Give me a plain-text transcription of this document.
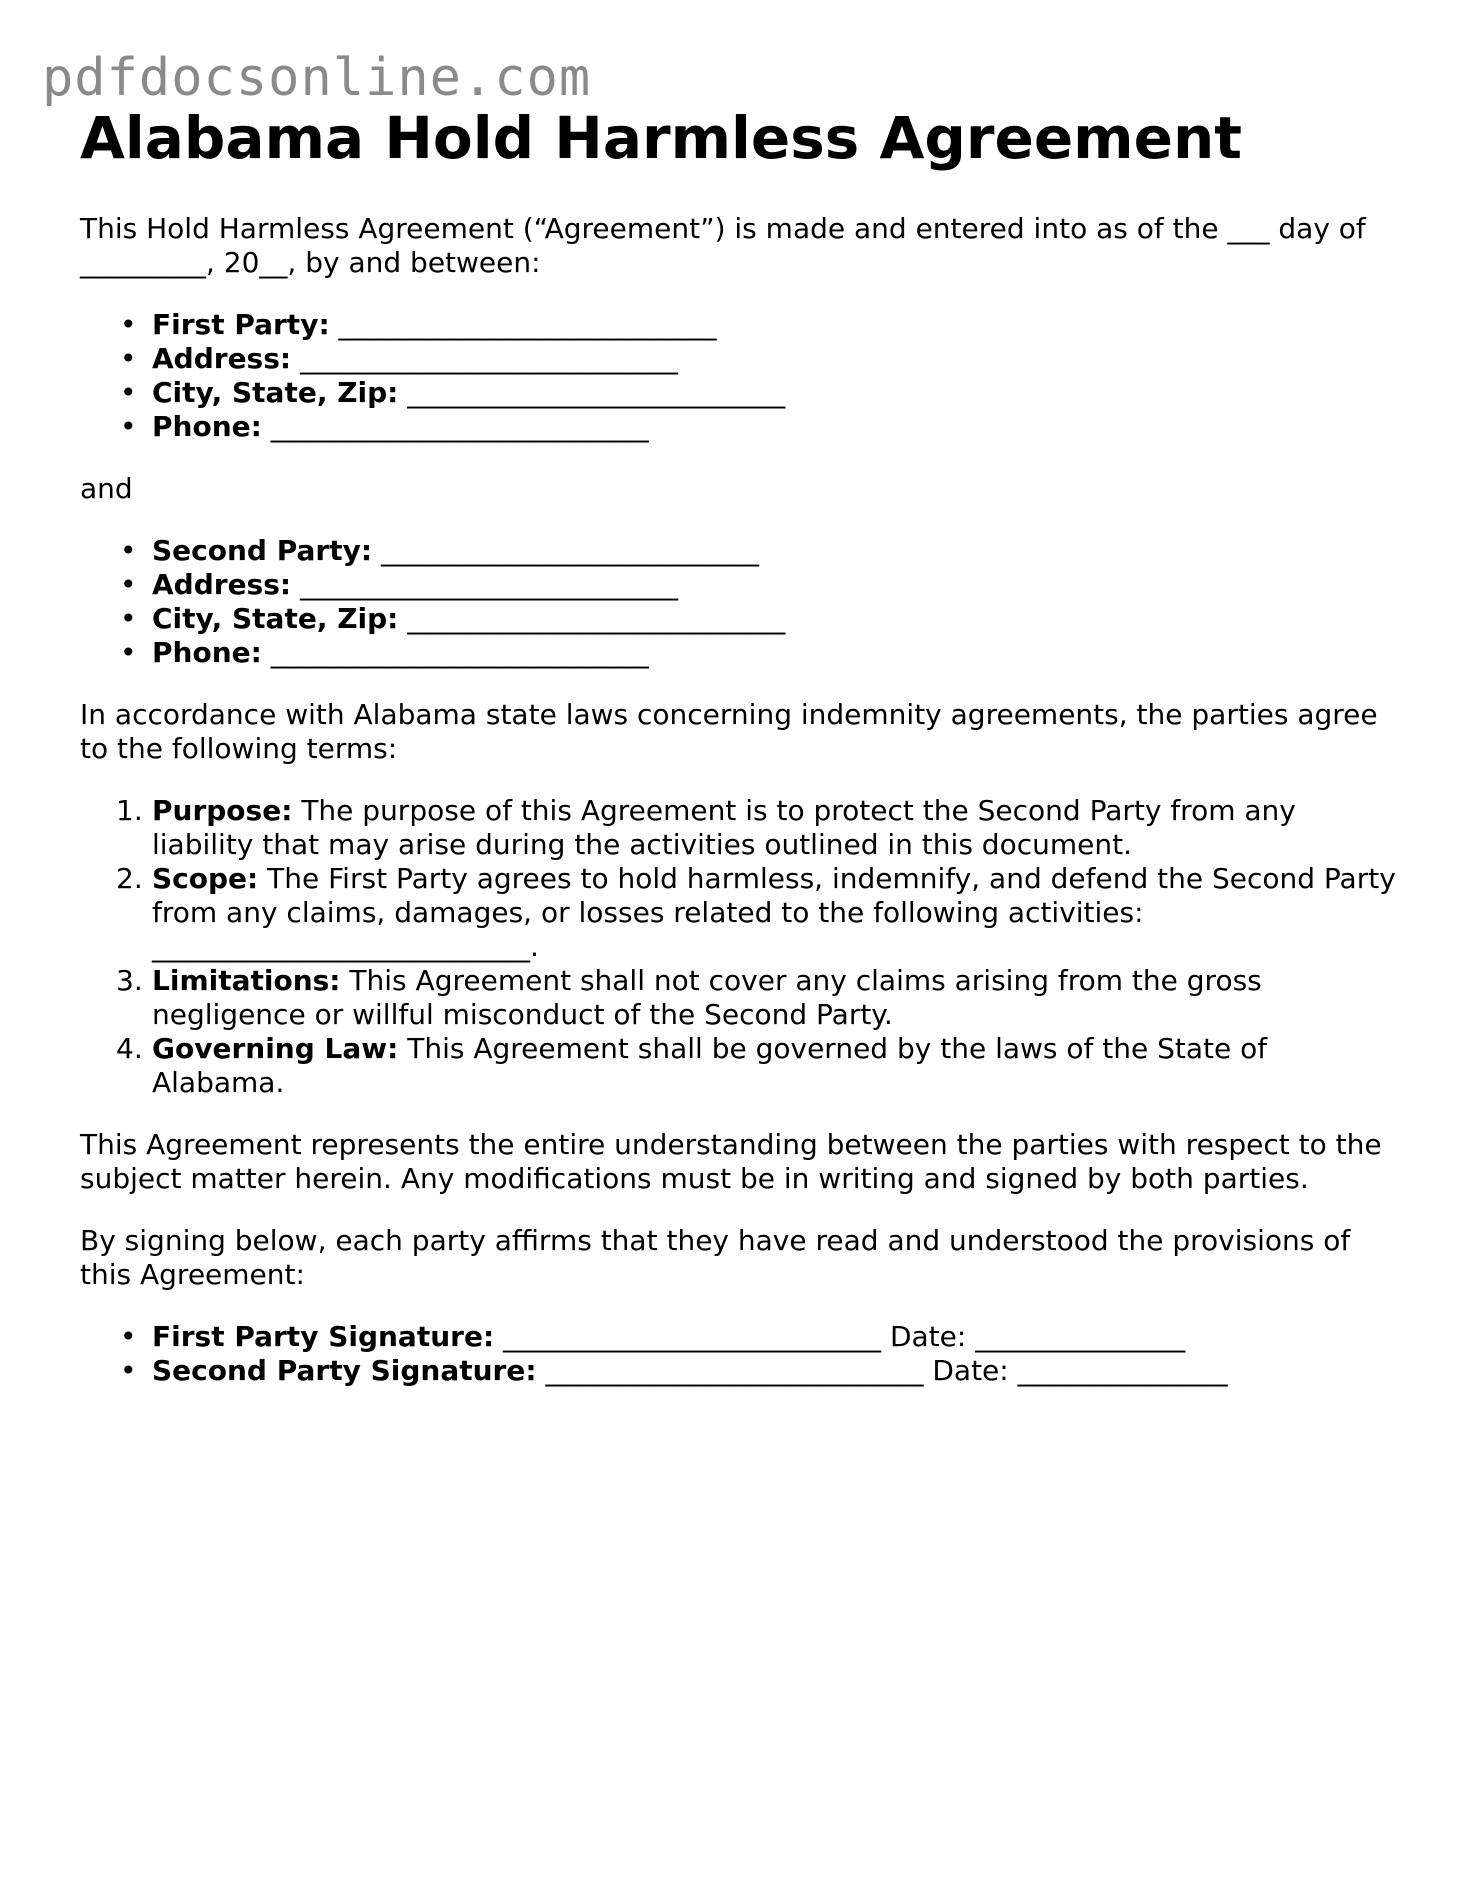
pdfdocsonline.com
Alabama Hold Harmless Agreement

This Hold Harmless Agreement (“Agreement”) is made and entered into as of the ___ day of _________, 20__, by and between:

• First Party: ___________________________
• Address: ___________________________
• City, State, Zip: ___________________________
• Phone: ___________________________

and

• Second Party: ___________________________
• Address: ___________________________
• City, State, Zip: ___________________________
• Phone: ___________________________

In accordance with Alabama state laws concerning indemnity agreements, the parties agree to the following terms:

1. Purpose: The purpose of this Agreement is to protect the Second Party from any liability that may arise during the activities outlined in this document.
2. Scope: The First Party agrees to hold harmless, indemnify, and defend the Second Party from any claims, damages, or losses related to the following activities: ___________________________.
3. Limitations: This Agreement shall not cover any claims arising from the gross negligence or willful misconduct of the Second Party.
4. Governing Law: This Agreement shall be governed by the laws of the State of Alabama.

This Agreement represents the entire understanding between the parties with respect to the subject matter herein. Any modifications must be in writing and signed by both parties.

By signing below, each party affirms that they have read and understood the provisions of this Agreement:

• First Party Signature: ___________________________ Date: _______________
• Second Party Signature: ___________________________ Date: _______________
